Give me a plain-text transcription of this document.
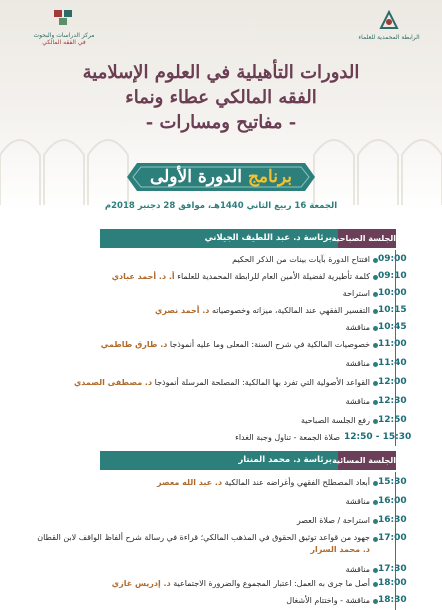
مركز الدراسات والبحوث
في الفقه المالكي
الرابطة المحمدية للعلماء
الدورات التأهيلية في العلوم الإسلامية
الفقه المالكي عطاء ونماء
- مفاتيح ومسارات -
برنامج الدورة الأولى
الجمعة 16 ربيع الثاني 1440هـ، موافق 28 دجنبر 2018م
الجلسة الصباحية
برئاسة د. عبد اللطيف الجيلاني
09:00
افتتاح الدورة بآيات بينات من الذكر الحكيم
09:10
كلمة تأطيرية لفضيلة الأمين العام للرابطة المحمدية للعلماء أ. د. أحمد عبادي
10:00
استراحة
10:15
التفسير الفقهي عند المالكية، ميزاته وخصوصياته د. أحمد نصري
10:45
مناقشة
11:00
خصوصيات المالكية في شرح السنة: المعلى وما عليه أنموذجا د. طارق طاطمي
11:40
مناقشة
12:00
القواعد الأصولية التي تفرد بها المالكية: المصلحة المرسلة أنموذجا د. مصطفى الصمدي
12:30
مناقشة
12:50
رفع الجلسة الصباحية
12:50 - 15:30
صلاة الجمعة - تناول وجبة الغداء
الجلسة المسائية
برئاسة د. محمد المنتار
15:30
أبعاد المصطلح الفقهي وأغراضه عند المالكية د. عبد الله معصر
16:00
مناقشة
16:30
استراحة / صلاة العصر
17:00
جهود من قواعد توثيق الحقوق في المذهب المالكي؛ قراءة في رسالة شرح ألفاظ الواقف لابن القطان د. محمد السرار
17:30
مناقشة
18:00
أصل ما جرى به العمل: اعتبار المجموع والضرورة الاجتماعية د. إدريس غازي
18:30
مناقشة - واختتام الأشغال
